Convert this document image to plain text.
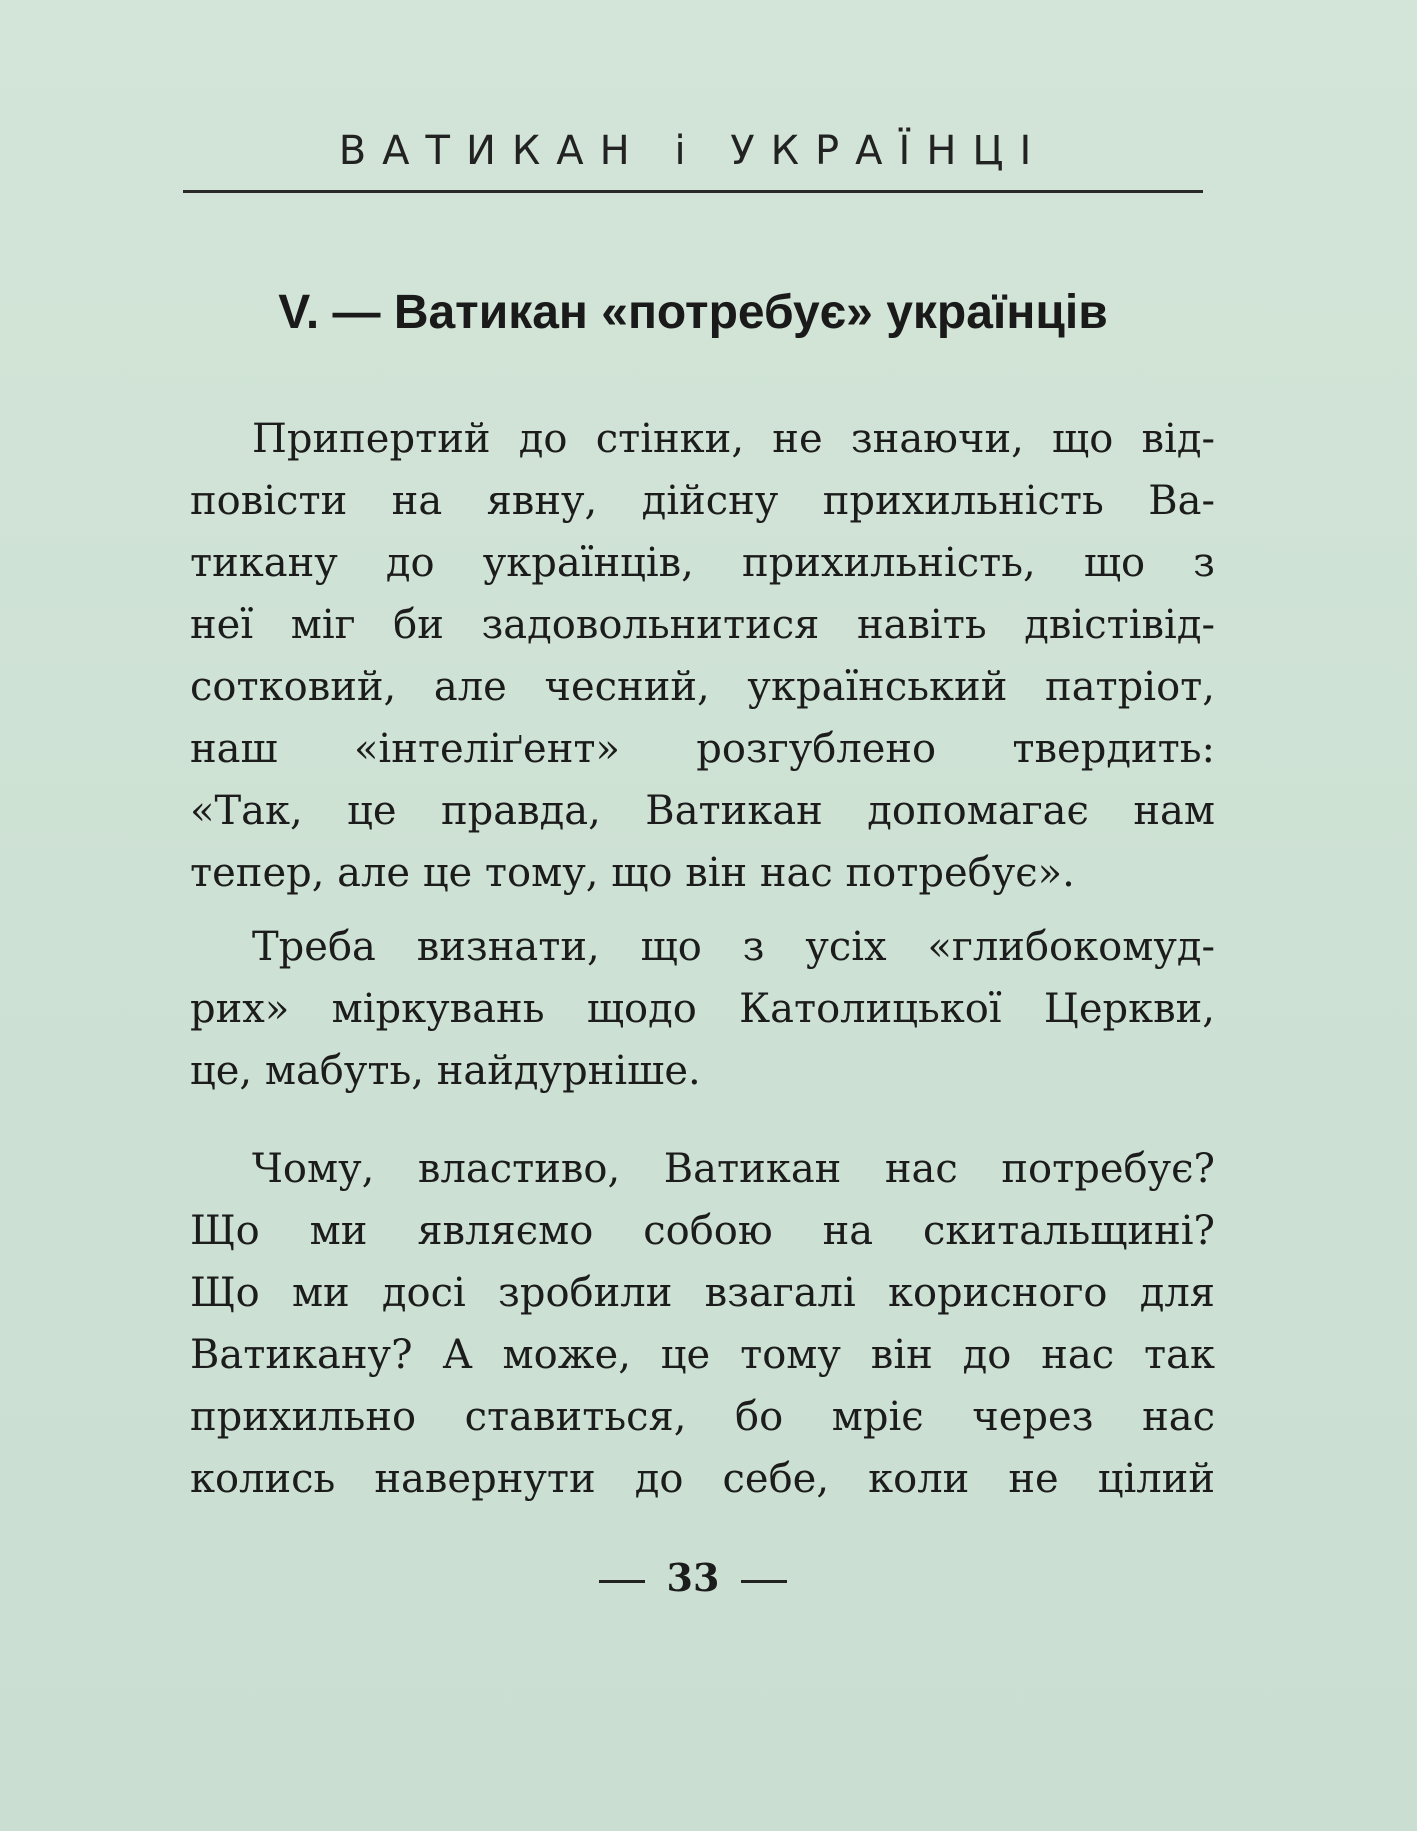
ВАТИКАН і УКРАЇНЦІ
V. — Ватикан «потребує» українців
Припертий до стінки, не знаючи, що від-
повісти на явну, дійсну прихильність Ва-
тикану до українців, прихильність, що з
неї міг би задовольнитися навіть двістівід-
сотковий, але чесний, український патріот,
наш «інтеліґент» розгублено твердить:
«Так, це правда, Ватикан допомагає нам
тепер, але це тому, що він нас потребує».
Треба визнати, що з усіх «глибокомуд-
рих» міркувань щодо Католицької Церкви,
це, мабуть, найдурніше.
Чому, властиво, Ватикан нас потребує?
Що ми являємо собою на скитальщині?
Що ми досі зробили взагалі корисного для
Ватикану? А може, це тому він до нас так
прихильно ставиться, бо мріє через нас
колись навернути до себе, коли не цілий
33
